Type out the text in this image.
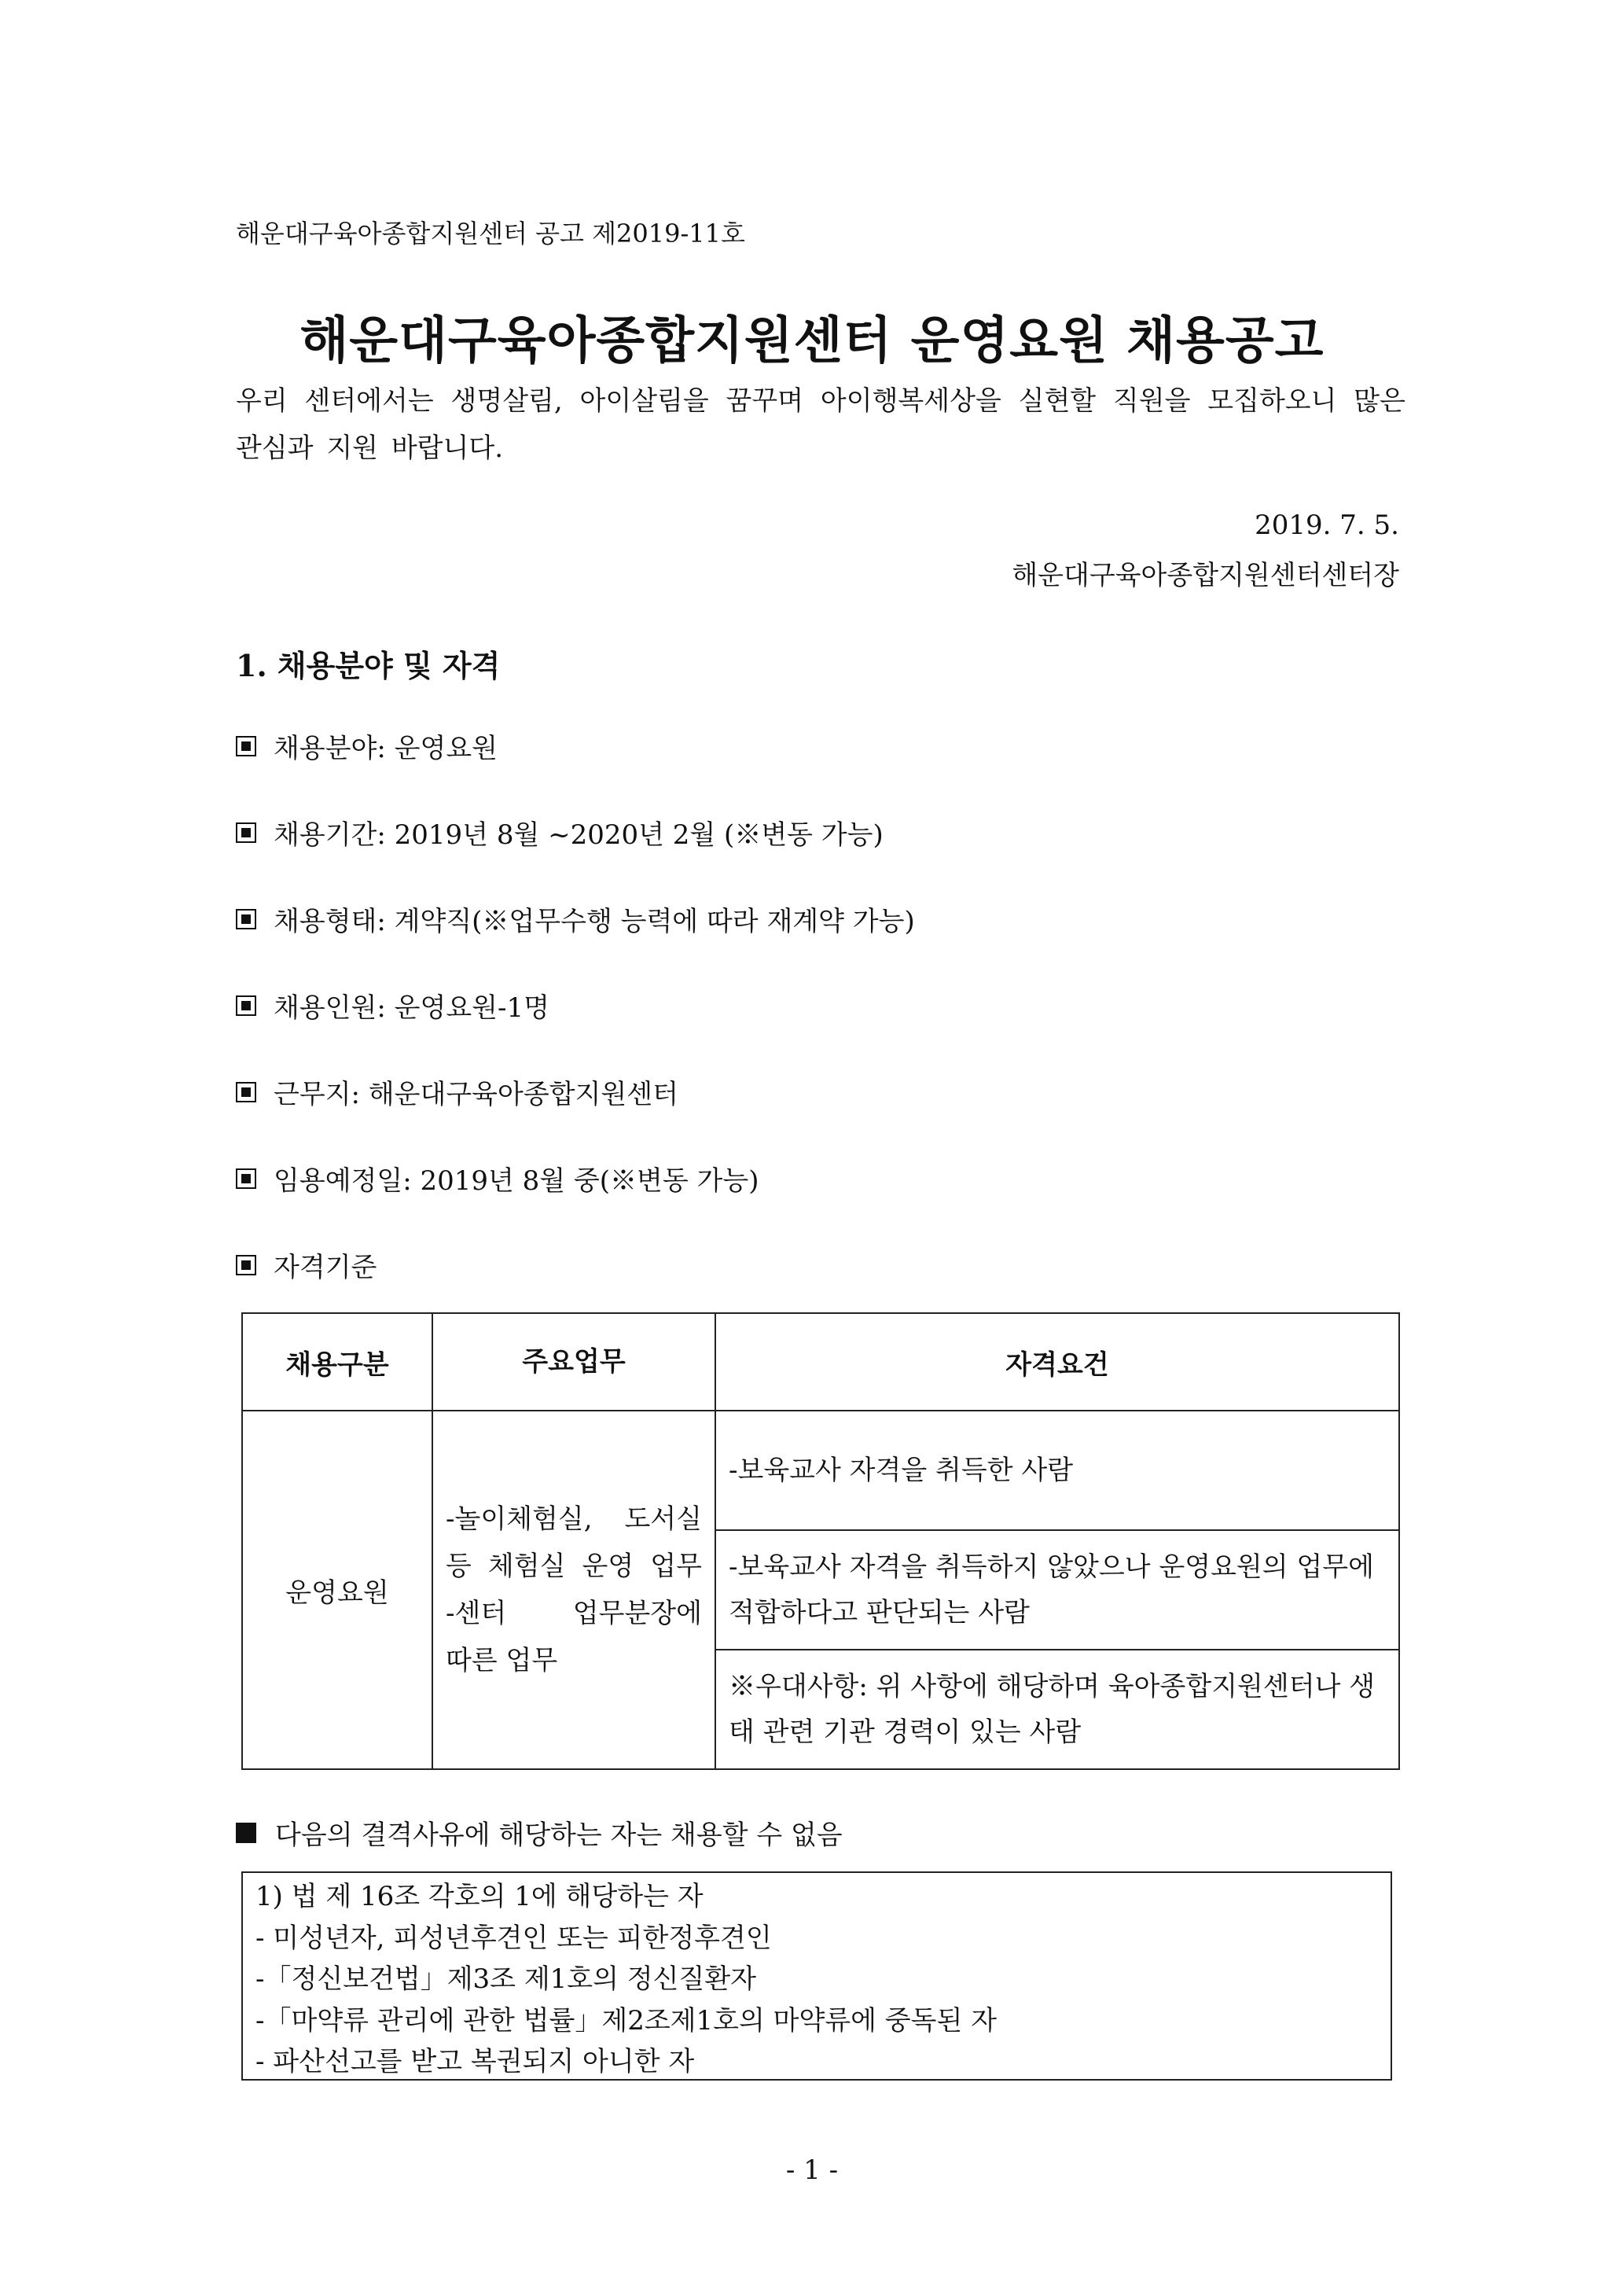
해운대구육아종합지원센터 공고 제2019-11호

해운대구육아종합지원센터 운영요원 채용공고

우리 센터에서는 생명살림, 아이살림을 꿈꾸며 아이행복세상을 실현할 직원을 모집하오니 많은 관심과 지원 바랍니다.

2019. 7. 5.

해운대구육아종합지원센터센터장

1. 채용분야 및 자격
채용분야: 운영요원
채용기간: 2019년 8월 ~2020년 2월 (※변동 가능)
채용형태: 계약직(※업무수행 능력에 따라 재계약 가능)
채용인원: 운영요원-1명
근무지: 해운대구육아종합지원센터
임용예정일: 2019년 8월 중(※변동 가능)
자격기준
채용구분	주요업무	자격요건
운영요원	-놀이체험실, 도서실
등 체험실 운영 업무
-센터    업무분장에
따른 업무	-보육교사 자격을 취득한 사람
		-보육교사 자격을 취득하지 않았으나 운영요원의 업무에 적합하다고 판단되는 사람
		※우대사항: 위 사항에 해당하며 육아종합지원센터나 생태 관련 기관 경력이 있는 사람
다음의 결격사유에 해당하는 자는 채용할 수 없음
1) 법 제 16조 각호의 1에 해당하는 자
- 미성년자, 피성년후견인 또는 피한정후견인
-「정신보건법」제3조 제1호의 정신질환자
-「마약류 관리에 관한 법률」제2조제1호의 마약류에 중독된 자
- 파산선고를 받고 복권되지 아니한 자

- 1 -
